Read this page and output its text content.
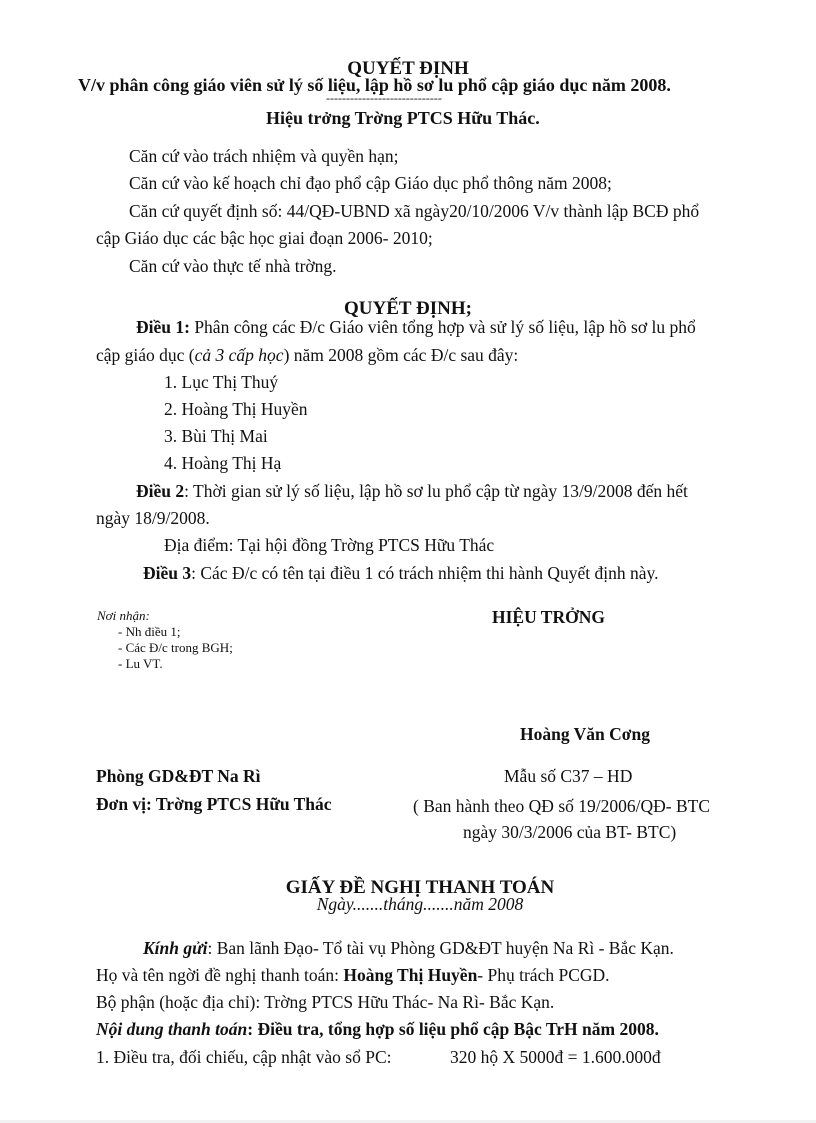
QUYẾT ĐỊNH
V/v phân công giáo viên sử lý số liệu, lập hồ sơ lu phổ cập giáo dục năm 2008.
-----------------------------
Hiệu trởng Trờng PTCS Hữu Thác.
Căn cứ vào trách nhiệm và quyền hạn;
Căn cứ vào kế hoạch chỉ đạo phổ cập Giáo dục phổ thông năm 2008;
Căn cứ quyết định số: 44/QĐ-UBND xã ngày20/10/2006 V/v thành lập BCĐ phổ
cập Giáo dục các bậc học giai đoạn 2006- 2010;
Căn cứ vào thực tế nhà trờng.
QUYẾT ĐỊNH;
Điều 1: Phân công các Đ/c Giáo viên tổng hợp và sử lý số liệu, lập hồ sơ lu phổ
cập giáo dục (cả 3 cấp học) năm 2008 gồm các Đ/c sau đây:
1. Lục Thị Thuý
2. Hoàng Thị Huyền
3. Bùi Thị Mai
4. Hoàng Thị Hạ
Điều 2: Thời gian sử lý số liệu, lập hồ sơ lu phổ cập từ ngày 13/9/2008 đến hết
ngày 18/9/2008.
Địa điểm: Tại hội đồng Trờng PTCS Hữu Thác
Điều 3: Các Đ/c có tên tại điều 1 có trách nhiệm thi hành Quyết định này.
Nơi nhận:
- Nh điều 1;
- Các Đ/c trong BGH;
- Lu VT.
HIỆU TRỞNG
Hoàng Văn Cơng
Phòng GD&ĐT Na Rì
Đơn vị: Trờng PTCS Hữu Thác
Mẫu số C37 – HD
( Ban hành theo QĐ số 19/2006/QĐ- BTC
ngày 30/3/2006 của BT- BTC)
GIẤY ĐỀ NGHỊ THANH TOÁN
Ngày.......tháng.......năm 2008
Kính gửi: Ban lãnh Đạo- Tổ tài vụ Phòng GD&ĐT huyện Na Rì - Bắc Kạn.
Họ và tên ngời đề nghị thanh toán: Hoàng Thị Huyền- Phụ trách PCGD.
Bộ phận (hoặc địa chỉ): Trờng PTCS Hữu Thác- Na Rì- Bắc Kạn.
Nội dung thanh toán: Điều tra, tổng hợp số liệu phổ cập Bậc TrH năm 2008.
1. Điều tra, đối chiếu, cập nhật vào sổ PC:	320 hộ X 5000đ = 1.600.000đ
